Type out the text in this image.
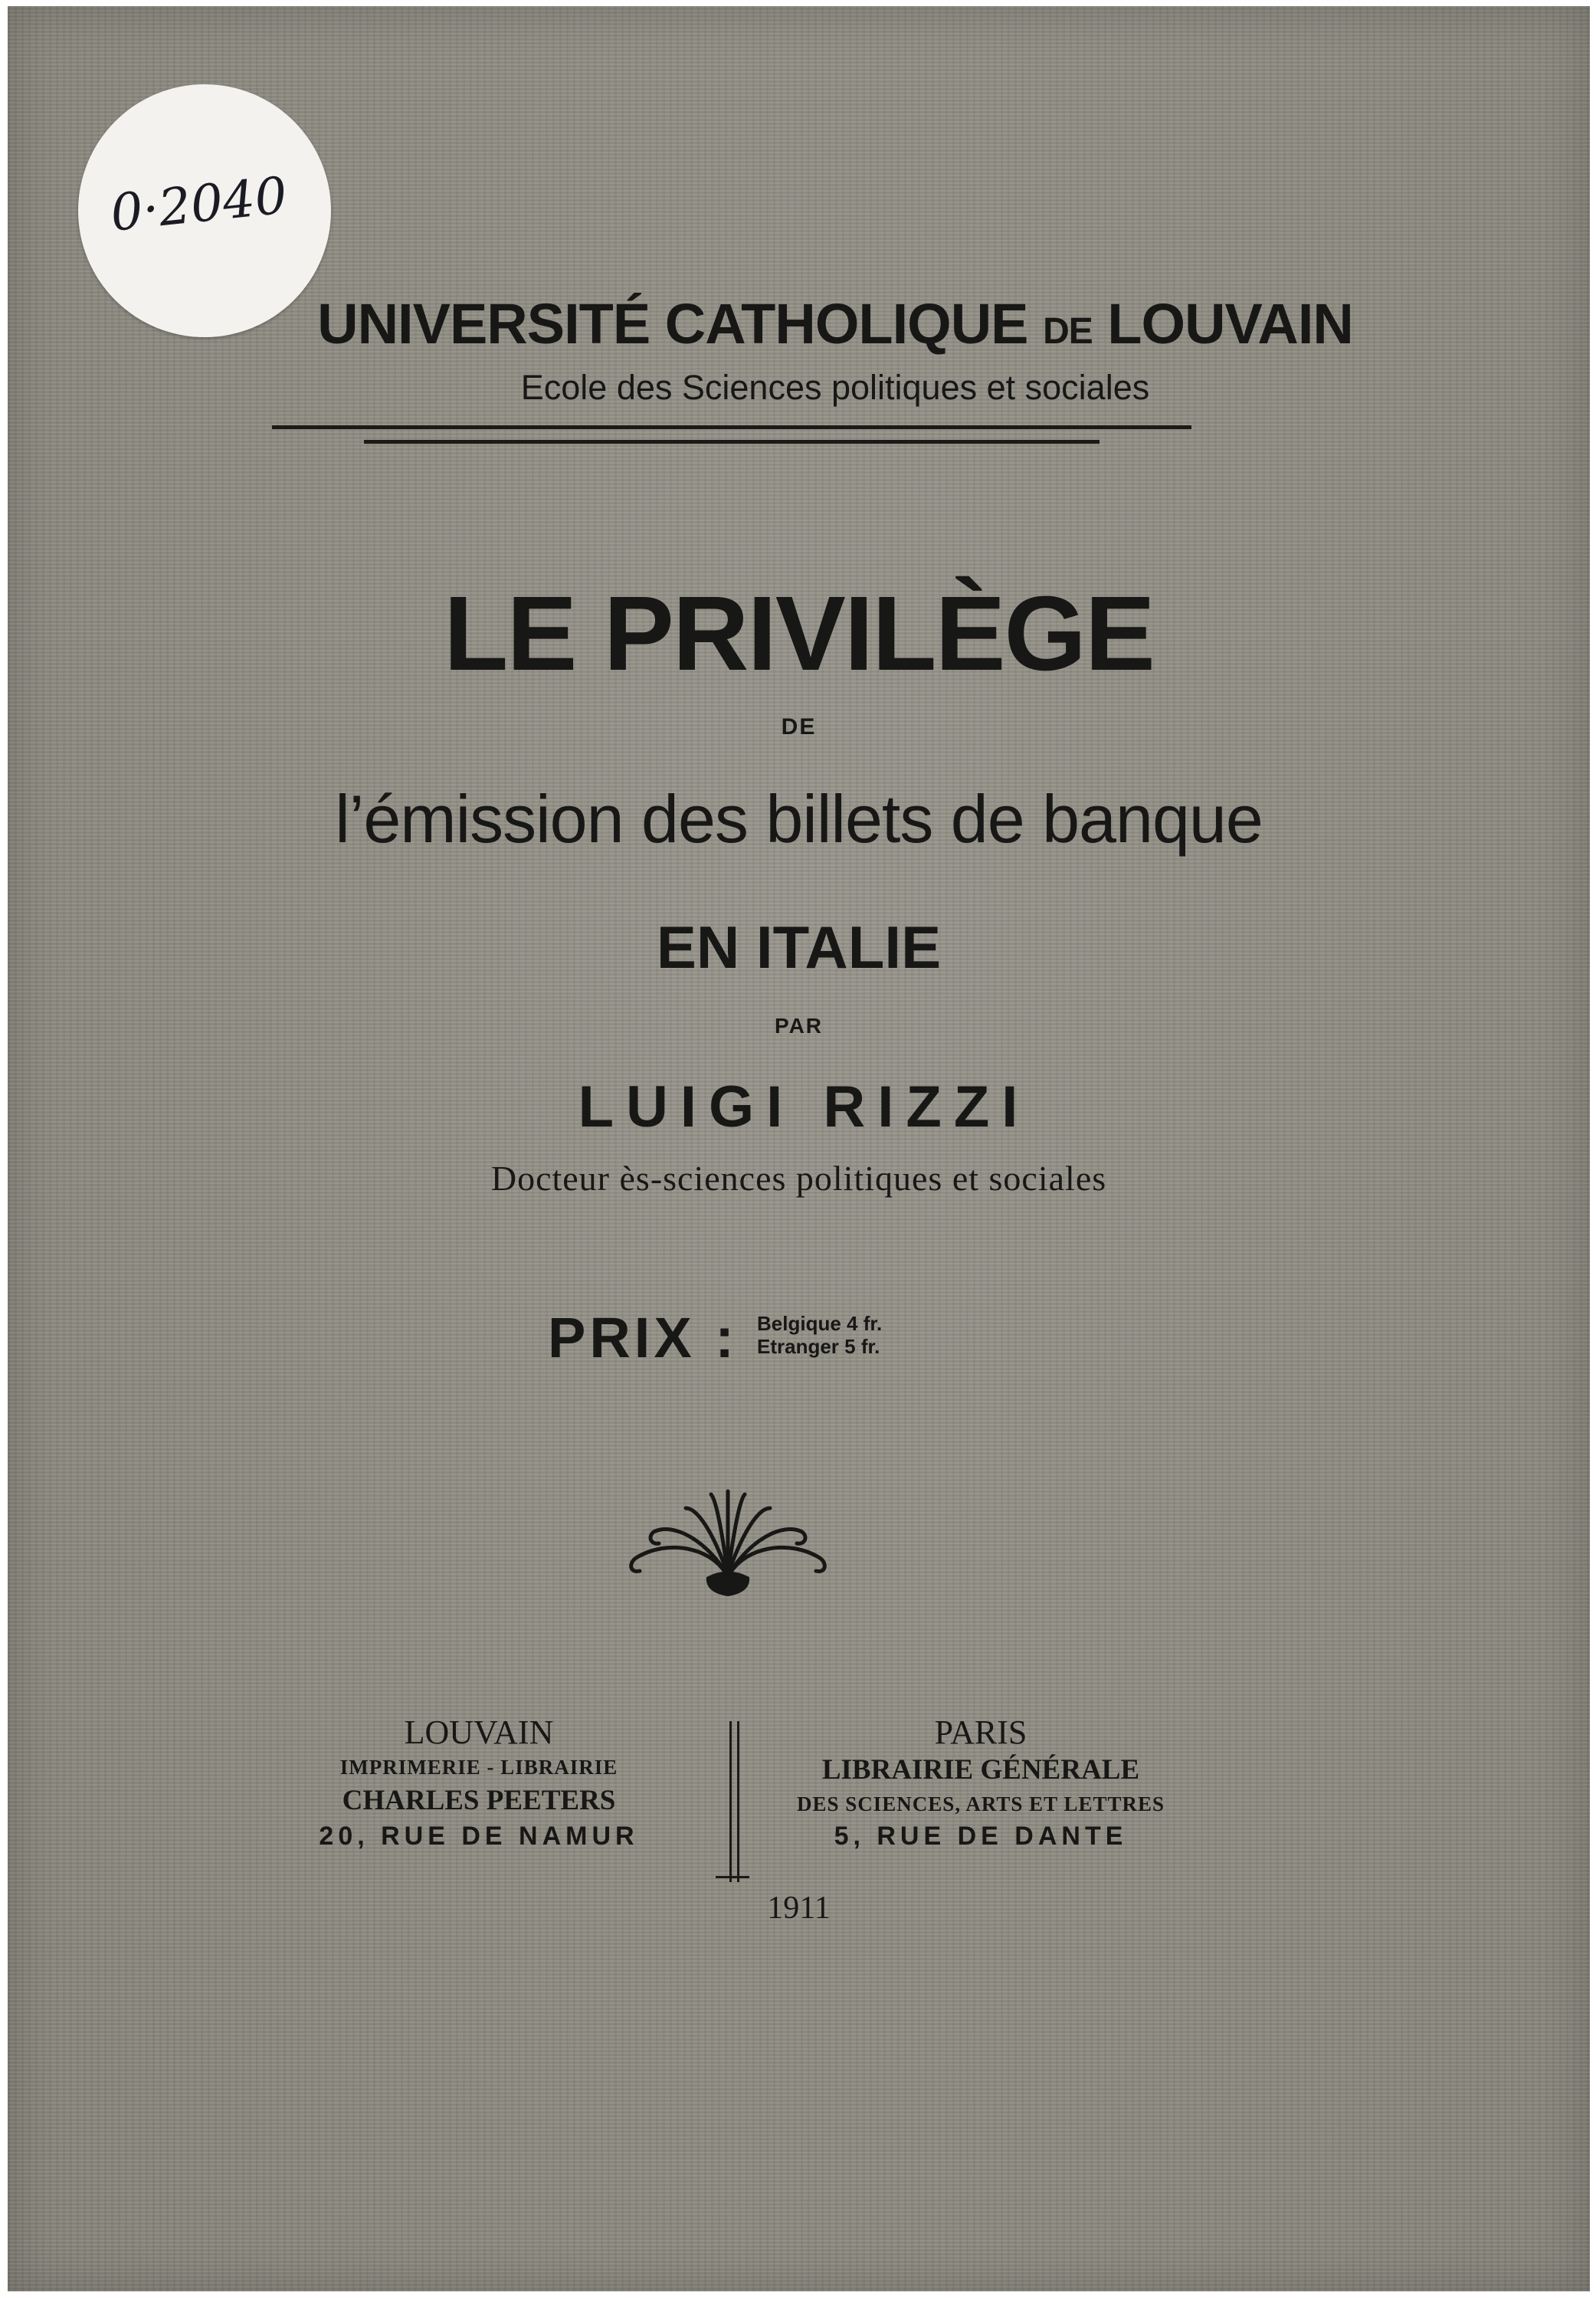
0·2040

UNIVERSITÉ CATHOLIQUE DE LOUVAIN

Ecole des Sciences politiques et sociales

LE PRIVILÈGE

DE

l’émission des billets de banque

EN ITALIE

PAR

LUIGI RIZZI

Docteur ès-sciences politiques et sociales

PRIX : Belgique 4 fr.
Etranger 5 fr.
LOUVAIN
IMPRIMERIE - LIBRAIRIE
CHARLES PEETERS
20, RUE DE NAMUR
PARIS
LIBRAIRIE GÉNÉRALE
DES SCIENCES, ARTS ET LETTRES
5, RUE DE DANTE

1911
